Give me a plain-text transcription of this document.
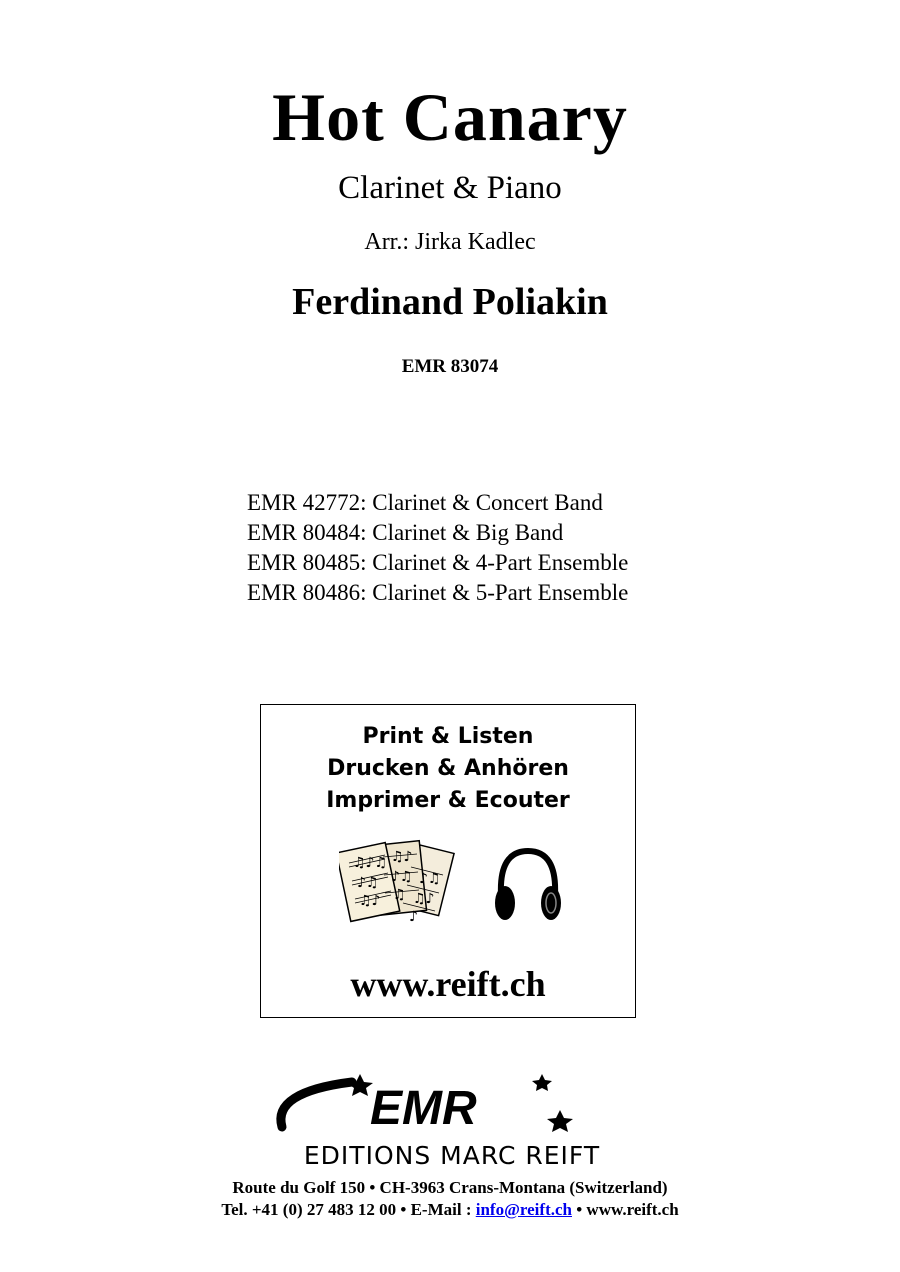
Hot Canary
Clarinet & Piano
Arr.: Jirka Kadlec
Ferdinand Poliakin
EMR 83074
EMR 42772: Clarinet & Concert Band
EMR 80484: Clarinet & Big Band
EMR 80485: Clarinet & 4-Part Ensemble
EMR 80486: Clarinet & 5-Part Ensemble
Print & Listen
Drucken & Anhören
Imprimer & Ecouter
♫♪♫
♪♫
♫♪
♫♪
♪♫
♫
♪♫
♫♪
♪
www.reift.ch
EMR
EDITIONS MARC REIFT
Route du Golf 150 • CH-3963 Crans-Montana (Switzerland)
Tel. +41 (0) 27 483 12 00 • E-Mail : info@reift.ch • www.reift.ch
